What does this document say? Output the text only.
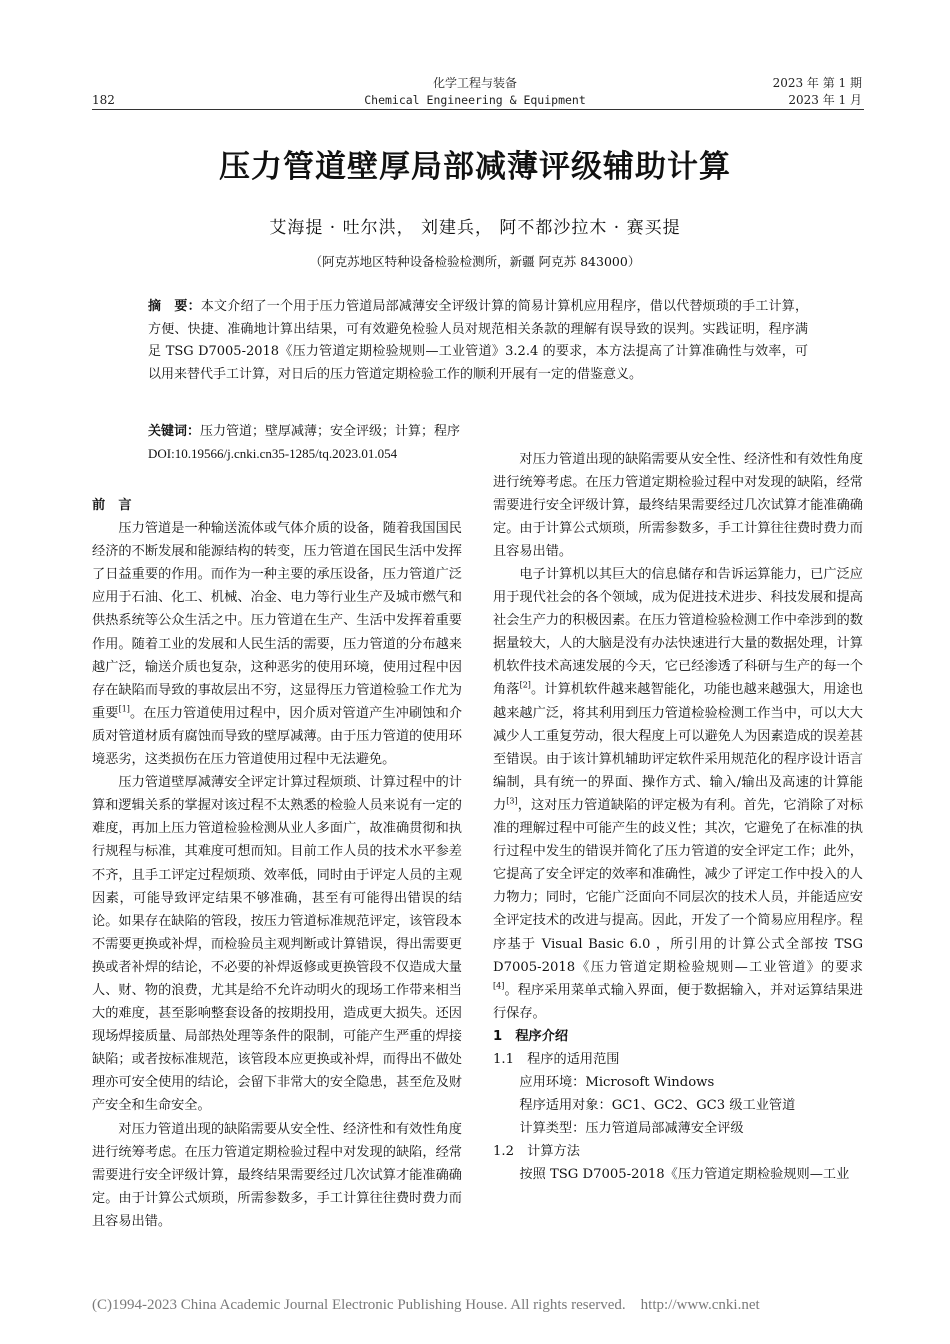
182
化学工程与装备
Chemical Engineering & Equipment
2023 年 第 1 期
2023 年 1 月
压力管道壁厚局部减薄评级辅助计算
艾海提 · 吐尔洪， 刘建兵， 阿不都沙拉木 · 赛买提
（阿克苏地区特种设备检验检测所，新疆 阿克苏 843000）
摘　要：本文介绍了一个用于压力管道局部减薄安全评级计算的简易计算机应用程序，借以代替烦琐的手工计算，方便、快捷、准确地计算出结果，可有效避免检验人员对规范相关条款的理解有误导致的误判。实践证明，程序满足 TSG D7005-2018《压力管道定期检验规则—工业管道》3.2.4 的要求，本方法提高了计算准确性与效率，可以用来替代手工计算，对日后的压力管道定期检验工作的顺利开展有一定的借鉴意义。
关键词：压力管道；壁厚减薄；安全评级；计算；程序
DOI:10.19566/j.cnki.cn35-1285/tq.2023.01.054

前　言

压力管道是一种输送流体或气体介质的设备，随着我国国民经济的不断发展和能源结构的转变，压力管道在国民生活中发挥了日益重要的作用。而作为一种主要的承压设备，压力管道广泛应用于石油、化工、机械、冶金、电力等行业生产及城市燃气和供热系统等公众生活之中。压力管道在生产、生活中发挥着重要作用。随着工业的发展和人民生活的需要，压力管道的分布越来越广泛，输送介质也复杂，这种恶劣的使用环境，使用过程中因存在缺陷而导致的事故层出不穷，这显得压力管道检验工作尤为重要[1]。在压力管道使用过程中，因介质对管道产生冲刷蚀和介质对管道材质有腐蚀而导致的壁厚减薄。由于压力管道的使用环境恶劣，这类损伤在压力管道使用过程中无法避免。

压力管道壁厚减薄安全评定计算过程烦琐、计算过程中的计算和逻辑关系的掌握对该过程不太熟悉的检验人员来说有一定的难度，再加上压力管道检验检测从业人多面广，故准确贯彻和执行规程与标准，其难度可想而知。目前工作人员的技术水平参差不齐，且手工评定过程烦琐、效率低，同时由于评定人员的主观因素，可能导致评定结果不够准确，甚至有可能得出错误的结论。如果存在缺陷的管段，按压力管道标准规范评定，该管段本不需要更换或补焊，而检验员主观判断或计算错误，得出需要更换或者补焊的结论，不必要的补焊返修或更换管段不仅造成大量人、财、物的浪费，尤其是给不允许动明火的现场工作带来相当大的难度，甚至影响整套设备的按期投用，造成更大损失。还因现场焊接质量、局部热处理等条件的限制，可能产生严重的焊接缺陷；或者按标准规范，该管段本应更换或补焊，而得出不做处理亦可安全使用的结论，会留下非常大的安全隐患，甚至危及财产安全和生命安全。

对压力管道出现的缺陷需要从安全性、经济性和有效性角度进行统筹考虑。在压力管道定期检验过程中对发现的缺陷，经常需要进行安全评级计算，最终结果需要经过几次试算才能准确确定。由于计算公式烦琐，所需参数多，手工计算往往费时费力而且容易出错。

对压力管道出现的缺陷需要从安全性、经济性和有效性角度进行统筹考虑。在压力管道定期检验过程中对发现的缺陷，经常需要进行安全评级计算，最终结果需要经过几次试算才能准确确定。由于计算公式烦琐，所需参数多，手工计算往往费时费力而且容易出错。

电子计算机以其巨大的信息储存和告诉运算能力，已广泛应用于现代社会的各个领域，成为促进技术进步、科技发展和提高社会生产力的积极因素。在压力管道检验检测工作中牵涉到的数据量较大，人的大脑是没有办法快速进行大量的数据处理，计算机软件技术高速发展的今天，它已经渗透了科研与生产的每一个角落[2]。计算机软件越来越智能化，功能也越来越强大，用途也越来越广泛，将其利用到压力管道检验检测工作当中，可以大大减少人工重复劳动，很大程度上可以避免人为因素造成的误差甚至错误。由于该计算机辅助评定软件采用规范化的程序设计语言编制，具有统一的界面、操作方式、输入/输出及高速的计算能力[3]，这对压力管道缺陷的评定极为有利。首先，它消除了对标准的理解过程中可能产生的歧义性；其次，它避免了在标准的执行过程中发生的错误并简化了压力管道的安全评定工作；此外，它提高了安全评定的效率和准确性，减少了评定工作中投入的人力物力；同时，它能广泛面向不同层次的技术人员，并能适应安全评定技术的改进与提高。因此，开发了一个简易应用程序。程序基于 Visual Basic 6.0 ，所引用的计算公式全部按 TSG D7005-2018《压力管道定期检验规则—工业管道》的要求[4]。程序采用菜单式输入界面，便于数据输入，并对运算结果进行保存。

1　程序介绍

1.1　程序的适用范围

应用环境：Microsoft Windows

程序适用对象：GC1、GC2、GC3 级工业管道

计算类型：压力管道局部减薄安全评级

1.2　计算方法

按照 TSG D7005-2018《压力管道定期检验规则—工业

(C)1994-2023 China Academic Journal Electronic Publishing House. All rights reserved.    http://www.cnki.net
